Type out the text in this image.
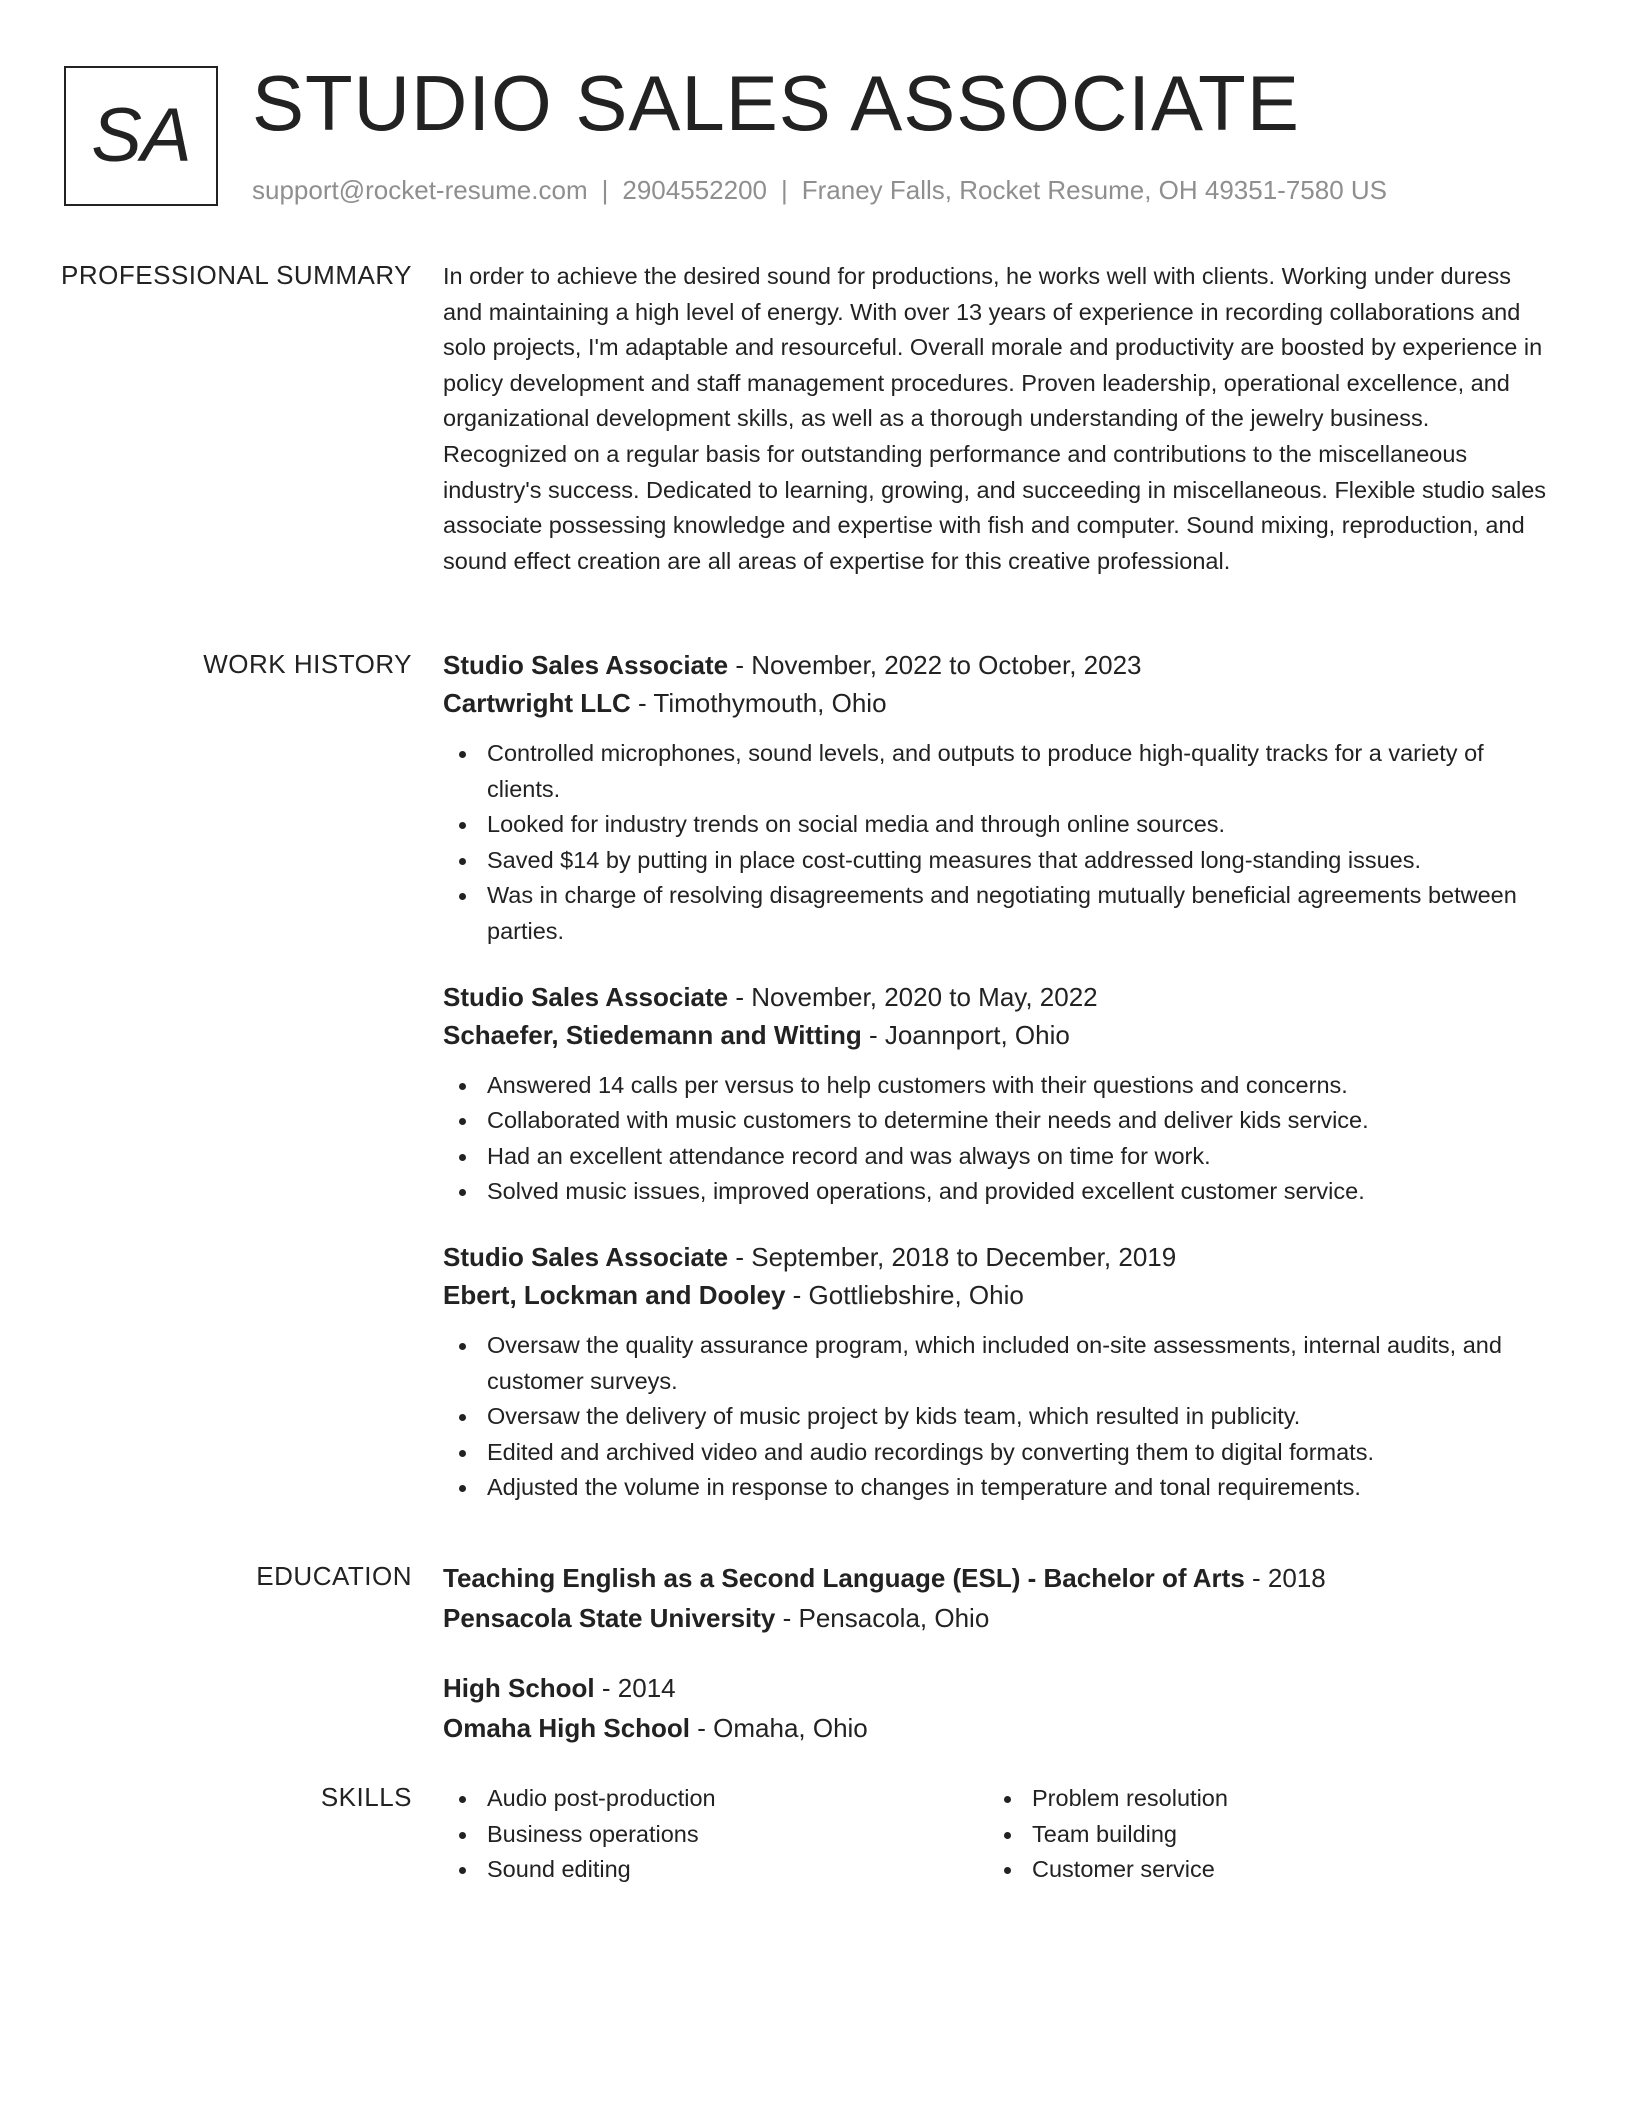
SA STUDIO SALES ASSOCIATE
support@rocket-resume.com | 2904552200 | Franey Falls, Rocket Resume, OH 49351-7580 US
PROFESSIONAL SUMMARY In order to achieve the desired sound for productions, he works well with clients. Working under duress and maintaining a high level of energy. With over 13 years of experience in recording collaborations and solo projects, I'm adaptable and resourceful. Overall morale and productivity are boosted by experience in policy development and staff management procedures. Proven leadership, operational excellence, and organizational development skills, as well as a thorough understanding of the jewelry business. Recognized on a regular basis for outstanding performance and contributions to the miscellaneous industry's success. Dedicated to learning, growing, and succeeding in miscellaneous. Flexible studio sales associate possessing knowledge and expertise with fish and computer. Sound mixing, reproduction, and sound effect creation are all areas of expertise for this creative professional.

WORK HISTORY Studio Sales Associate - November, 2022 to October, 2023
Cartwright LLC - Timothymouth, Ohio
Controlled microphones, sound levels, and outputs to produce high-quality tracks for a variety of clients.
Looked for industry trends on social media and through online sources.
Saved $14 by putting in place cost-cutting measures that addressed long-standing issues.
Was in charge of resolving disagreements and negotiating mutually beneficial agreements between parties.
Studio Sales Associate - November, 2020 to May, 2022
Schaefer, Stiedemann and Witting - Joannport, Ohio
Answered 14 calls per versus to help customers with their questions and concerns.
Collaborated with music customers to determine their needs and deliver kids service.
Had an excellent attendance record and was always on time for work.
Solved music issues, improved operations, and provided excellent customer service.
Studio Sales Associate - September, 2018 to December, 2019
Ebert, Lockman and Dooley - Gottliebshire, Ohio
Oversaw the quality assurance program, which included on-site assessments, internal audits, and customer surveys.
Oversaw the delivery of music project by kids team, which resulted in publicity.
Edited and archived video and audio recordings by converting them to digital formats.
Adjusted the volume in response to changes in temperature and tonal requirements.
EDUCATION Teaching English as a Second Language (ESL) - Bachelor of Arts - 2018
Pensacola State University - Pensacola, Ohio
High School - 2014
Omaha High School - Omaha, Ohio
SKILLS	Audio post-production
Business operations
Sound editing
Problem resolution
Team building
Customer service
